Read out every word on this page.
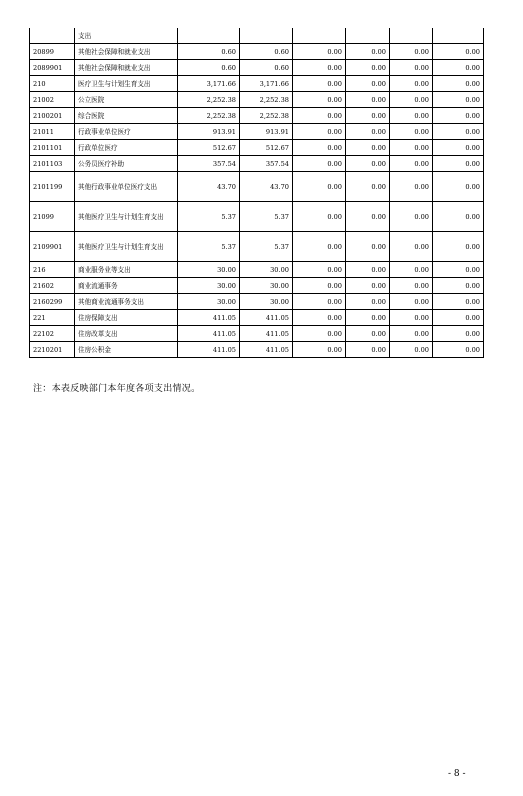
	支出						
20899	其他社会保障和就业支出	0.60	0.60	0.00	0.00	0.00	0.00
2089901	其他社会保障和就业支出	0.60	0.60	0.00	0.00	0.00	0.00
210	医疗卫生与计划生育支出	3,171.66	3,171.66	0.00	0.00	0.00	0.00
21002	公立医院	2,252.38	2,252.38	0.00	0.00	0.00	0.00
2100201	综合医院	2,252.38	2,252.38	0.00	0.00	0.00	0.00
21011	行政事业单位医疗	913.91	913.91	0.00	0.00	0.00	0.00
2101101	行政单位医疗	512.67	512.67	0.00	0.00	0.00	0.00
2101103	公务员医疗补助	357.54	357.54	0.00	0.00	0.00	0.00
2101199	其他行政事业单位医疗支出	43.70	43.70	0.00	0.00	0.00	0.00
21099	其他医疗卫生与计划生育支出	5.37	5.37	0.00	0.00	0.00	0.00
2109901	其他医疗卫生与计划生育支出	5.37	5.37	0.00	0.00	0.00	0.00
216	商业服务业等支出	30.00	30.00	0.00	0.00	0.00	0.00
21602	商业流通事务	30.00	30.00	0.00	0.00	0.00	0.00
2160299	其他商业流通事务支出	30.00	30.00	0.00	0.00	0.00	0.00
221	住房保障支出	411.05	411.05	0.00	0.00	0.00	0.00
22102	住房改革支出	411.05	411.05	0.00	0.00	0.00	0.00
2210201	住房公积金	411.05	411.05	0.00	0.00	0.00	0.00
注：本表反映部门本年度各项支出情况。
- 8 -
